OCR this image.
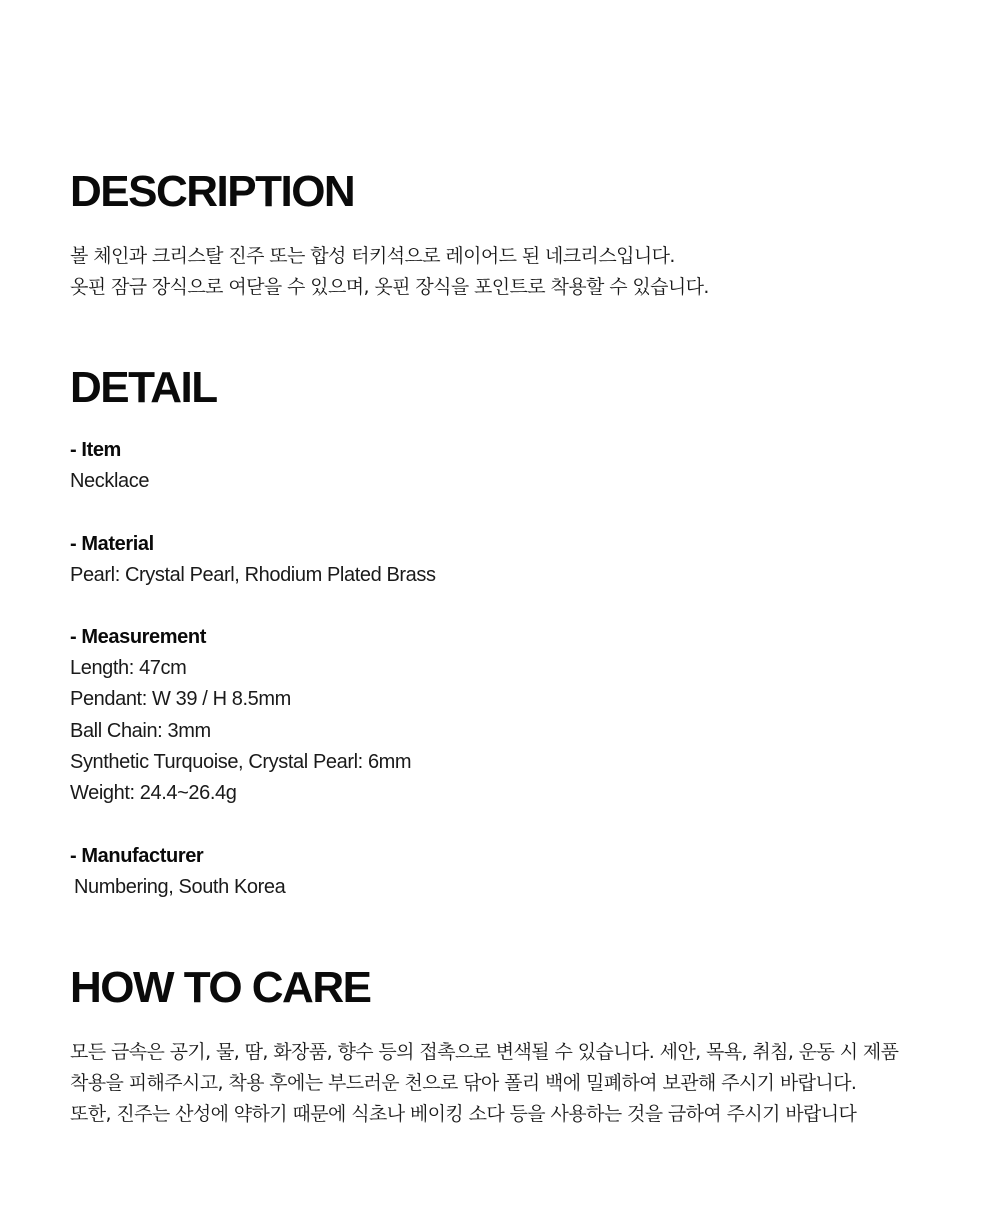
DESCRIPTION

볼 체인과 크리스탈 진주 또는 합성 터키석으로 레이어드 된 네크리스입니다.
옷핀 잠금 장식으로 여닫을 수 있으며, 옷핀 장식을 포인트로 착용할 수 있습니다.

DETAIL
- Item
Necklace
- Material
Pearl: Crystal Pearl, Rhodium Plated Brass
- Measurement
Length: 47cm
Pendant: W 39 / H 8.5mm
Ball Chain: 3mm
Synthetic Turquoise, Crystal Pearl: 6mm
Weight: 24.4~26.4g
- Manufacturer
Numbering, South Korea
HOW TO CARE

모든 금속은 공기, 물, 땀, 화장품, 향수 등의 접촉으로 변색될 수 있습니다. 세안, 목욕, 취침, 운동 시 제품
착용을 피해주시고, 착용 후에는 부드러운 천으로 닦아 폴리 백에 밀폐하여 보관해 주시기 바랍니다.
또한, 진주는 산성에 약하기 때문에 식초나 베이킹 소다 등을 사용하는 것을 금하여 주시기 바랍니다
